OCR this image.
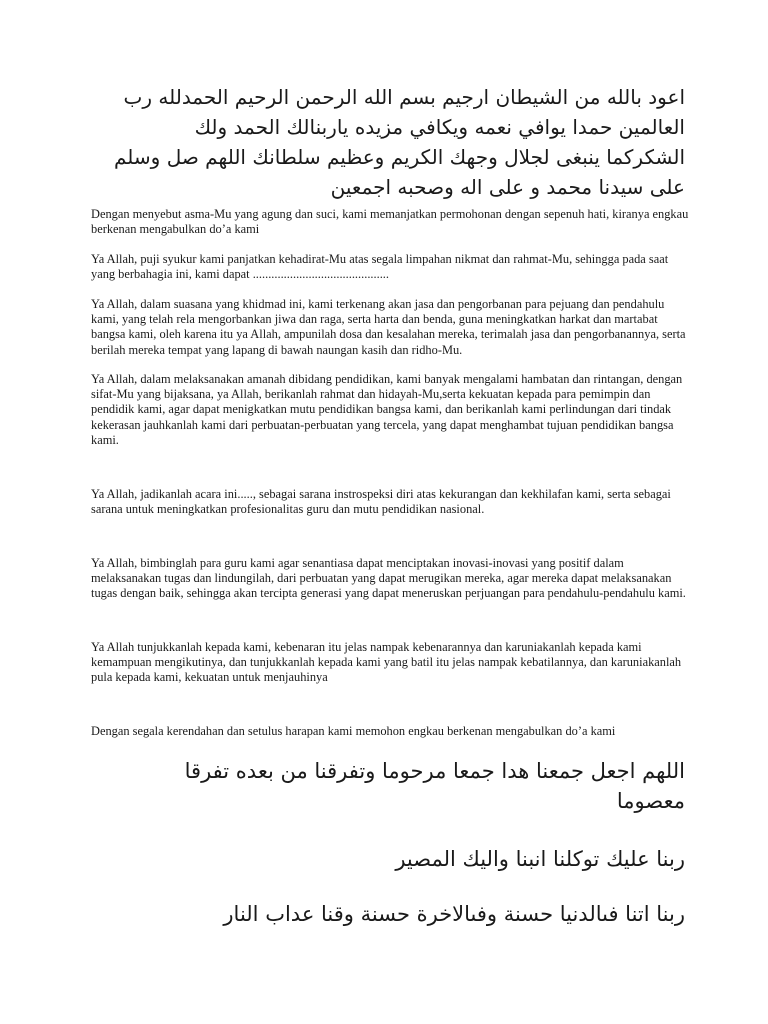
اعود بالله من الشيطان ارجيم بسم الله الرحمن الرحيم الحمدلله رب العالمين حمدا يوافي نعمه ويكافي مزيده ياربنالك الحمد ولك الشكركما ينبغى لجلال وجهك الكريم وعظيم سلطانك اللهم صل وسلم على سيدنا محمد و على اله وصحبه اجمعين

Dengan menyebut asma-Mu yang agung dan suci, kami memanjatkan permohonan dengan sepenuh hati, kiranya engkau berkenan mengabulkan do’a kami

Ya Allah, puji syukur kami panjatkan kehadirat-Mu atas segala limpahan nikmat dan rahmat-Mu, sehingga pada saat yang berbahagia ini, kami dapat ............................................

Ya Allah, dalam suasana yang khidmad ini, kami terkenang akan jasa dan pengorbanan para pejuang dan pendahulu kami, yang telah rela mengorbankan jiwa dan raga, serta harta dan benda, guna meningkatkan harkat dan martabat bangsa kami, oleh karena itu ya Allah, ampunilah dosa dan kesalahan mereka, terimalah jasa dan pengorbanannya, serta berilah mereka tempat yang lapang di bawah naungan kasih dan ridho-Mu.

Ya Allah, dalam melaksanakan amanah dibidang pendidikan, kami banyak mengalami hambatan dan rintangan, dengan sifat-Mu yang bijaksana, ya Allah, berikanlah rahmat dan hidayah-Mu,serta kekuatan kepada para pemimpin dan pendidik kami, agar dapat menigkatkan mutu pendidikan bangsa kami, dan berikanlah kami perlindungan dari tindak kekerasan jauhkanlah kami dari perbuatan-perbuatan yang tercela, yang dapat menghambat tujuan pendidikan bangsa kami.

Ya Allah, jadikanlah acara ini....., sebagai sarana instrospeksi diri atas kekurangan dan kekhilafan kami, serta sebagai sarana untuk meningkatkan profesionalitas guru dan mutu pendidikan nasional.

Ya Allah, bimbinglah para guru kami agar senantiasa dapat menciptakan inovasi-inovasi yang positif dalam melaksanakan tugas dan lindungilah, dari perbuatan yang dapat merugikan mereka, agar mereka dapat melaksanakan tugas dengan baik, sehingga akan tercipta generasi yang dapat meneruskan perjuangan para pendahulu-pendahulu kami.

Ya Allah tunjukkanlah kepada kami, kebenaran itu jelas nampak kebenarannya dan karuniakanlah kepada kami kemampuan mengikutinya, dan tunjukkanlah kepada kami yang batil itu jelas nampak kebatilannya, dan karuniakanlah pula kepada kami, kekuatan untuk menjauhinya

Dengan segala kerendahan dan setulus harapan kami memohon engkau berkenan mengabulkan do’a kami

اللهم اجعل جمعنا هدا جمعا مرحوما وتفرقنا من بعده تفرقا معصوما

ربنا عليك توكلنا انبنا واليك المصير

ربنا اتنا فىالدنيا حسنة وفىالاخرة حسنة وقنا عداب النار
